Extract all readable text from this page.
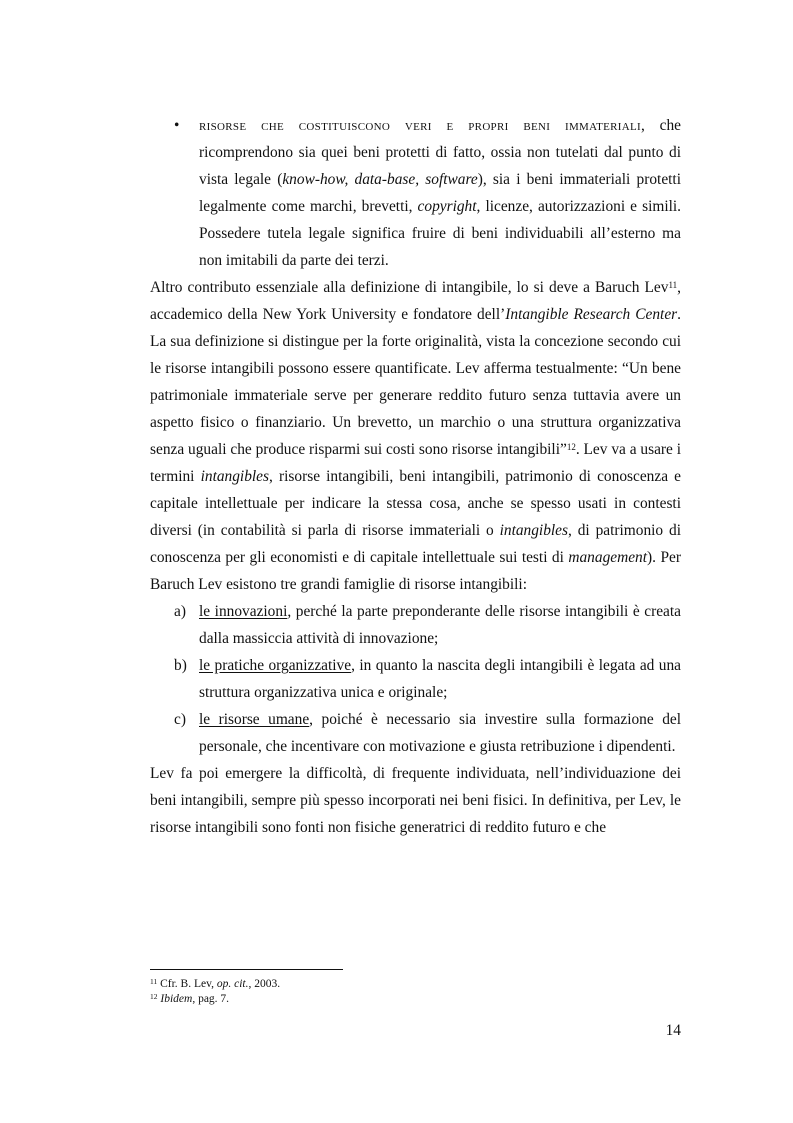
• risorse che costituiscono veri e propri beni immateriali, che ricomprendono sia quei beni protetti di fatto, ossia non tutelati dal punto di vista legale (know-how, data-base, software), sia i beni immateriali protetti legalmente come marchi, brevetti, copyright, licenze, autorizzazioni e simili. Possedere tutela legale significa fruire di beni individuabili all’esterno ma non imitabili da parte dei terzi.

Altro contributo essenziale alla definizione di intangibile, lo si deve a Baruch Lev$^{11}$, accademico della New York University e fondatore dell’Intangible Research Center. La sua definizione si distingue per la forte originalità, vista la concezione secondo cui le risorse intangibili possono essere quantificate. Lev afferma testualmente: “Un bene patrimoniale immateriale serve per generare reddito futuro senza tuttavia avere un aspetto fisico o finanziario. Un brevetto, un marchio o una struttura organizzativa senza uguali che produce risparmi sui costi sono risorse intangibili”$^{12}$. Lev va a usare i termini intangibles, risorse intangibili, beni intangibili, patrimonio di conoscenza e capitale intellettuale per indicare la stessa cosa, anche se spesso usati in contesti diversi (in contabilità si parla di risorse immateriali o intangibles, di patrimonio di conoscenza per gli economisti e di capitale intellettuale sui testi di management). Per Baruch Lev esistono tre grandi famiglie di risorse intangibili:

a) le innovazioni, perché la parte preponderante delle risorse intangibili è creata dalla massiccia attività di innovazione;

b) le pratiche organizzative, in quanto la nascita degli intangibili è legata ad una struttura organizzativa unica e originale;

c) le risorse umane, poiché è necessario sia investire sulla formazione del personale, che incentivare con motivazione e giusta retribuzione i dipendenti.

Lev fa poi emergere la difficoltà, di frequente individuata, nell’individuazione dei beni intangibili, sempre più spesso incorporati nei beni fisici. In definitiva, per Lev, le risorse intangibili sono fonti non fisiche generatrici di reddito futuro e che

$^{11}$ Cfr. B. Lev, op. cit., 2003.
$^{12}$ Ibidem, pag. 7.
14
